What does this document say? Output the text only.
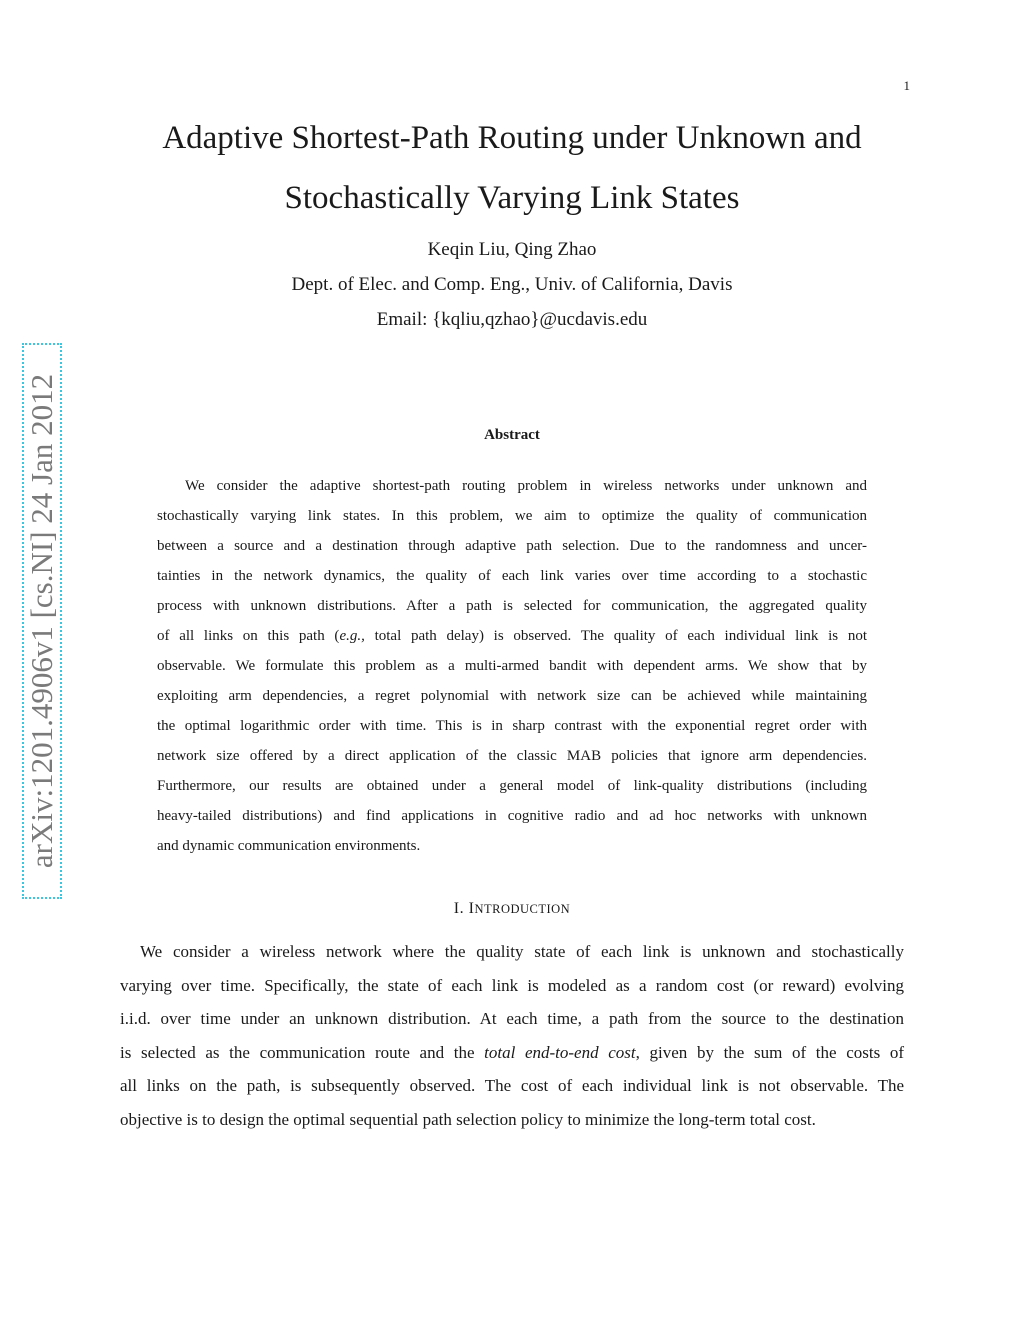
1
Adaptive Shortest-Path Routing under Unknown and
Stochastically Varying Link States
Keqin Liu, Qing Zhao
Dept. of Elec. and Comp. Eng., Univ. of California, Davis
Email: {kqliu,qzhao}@ucdavis.edu
arXiv:1201.4906v1 [cs.NI] 24 Jan 2012	Abstract
We consider the adaptive shortest-path routing problem in wireless networks under unknown and
stochastically varying link states. In this problem, we aim to optimize the quality of communication
between a source and a destination through adaptive path selection. Due to the randomness and uncer-
tainties in the network dynamics, the quality of each link varies over time according to a stochastic
process with unknown distributions. After a path is selected for communication, the aggregated quality
of all links on this path (e.g., total path delay) is observed. The quality of each individual link is not
observable. We formulate this problem as a multi-armed bandit with dependent arms. We show that by
exploiting arm dependencies, a regret polynomial with network size can be achieved while maintaining
the optimal logarithmic order with time. This is in sharp contrast with the exponential regret order with
network size offered by a direct application of the classic MAB policies that ignore arm dependencies.
Furthermore, our results are obtained under a general model of link-quality distributions (including
heavy-tailed distributions) and find applications in cognitive radio and ad hoc networks with unknown
and dynamic communication environments.
I. INTRODUCTION
We consider a wireless network where the quality state of each link is unknown and stochastically
varying over time. Specifically, the state of each link is modeled as a random cost (or reward) evolving
i.i.d. over time under an unknown distribution. At each time, a path from the source to the destination
is selected as the communication route and the total end-to-end cost, given by the sum of the costs of
all links on the path, is subsequently observed. The cost of each individual link is not observable. The
objective is to design the optimal sequential path selection policy to minimize the long-term total cost.
